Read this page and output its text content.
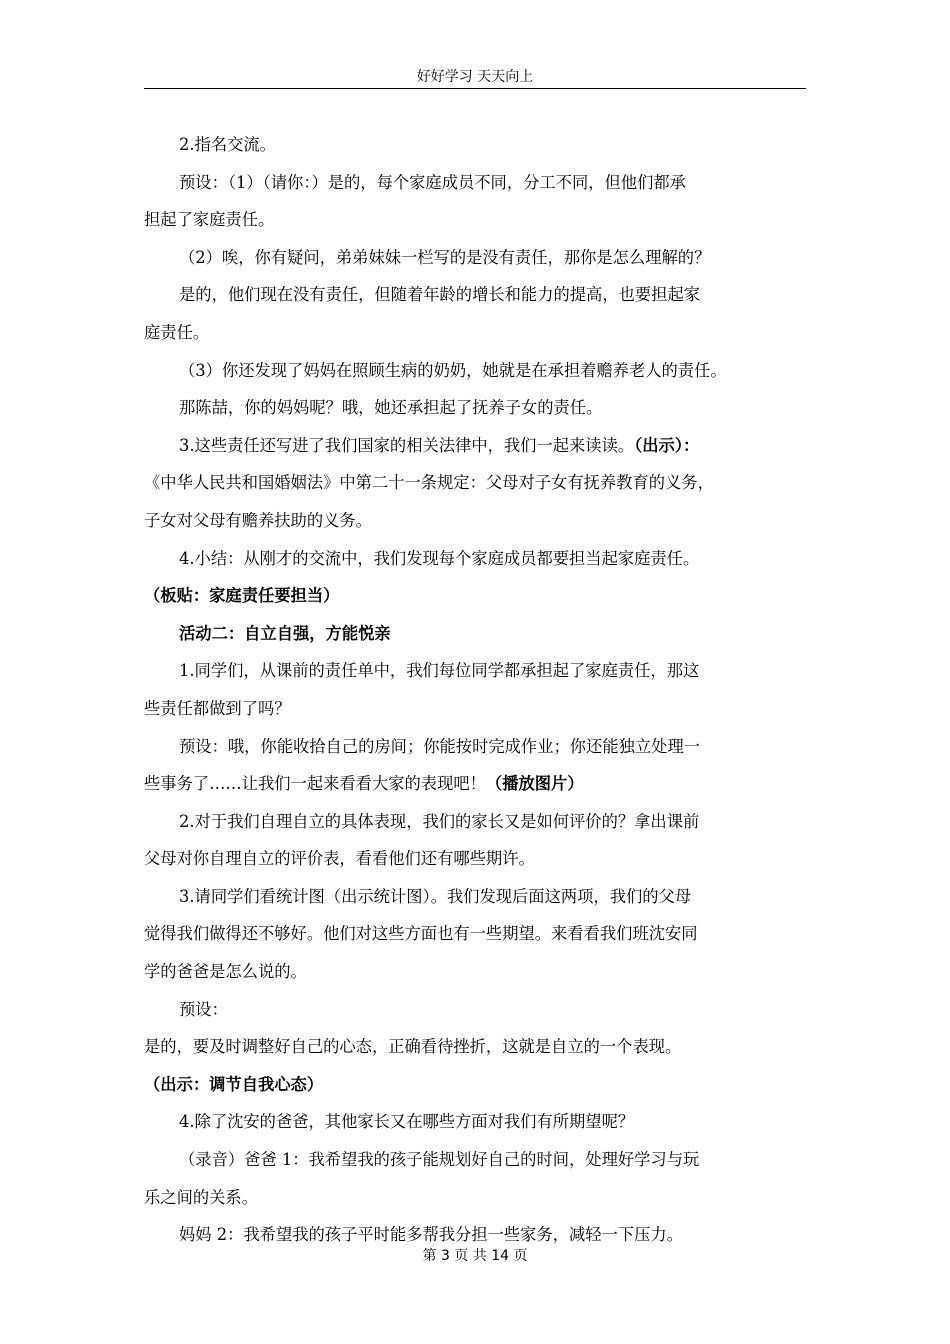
好好学习 天天向上
2.指名交流。
预设：（1）（请你：）是的，每个家庭成员不同，分工不同，但他们都承
担起了家庭责任。
（2）唉，你有疑问，弟弟妹妹一栏写的是没有责任，那你是怎么理解的？
是的，他们现在没有责任，但随着年龄的增长和能力的提高，也要担起家
庭责任。
（3）你还发现了妈妈在照顾生病的奶奶，她就是在承担着赡养老人的责任。
那陈喆，你的妈妈呢？哦，她还承担起了抚养子女的责任。
3.这些责任还写进了我们国家的相关法律中，我们一起来读读。（出示）：
《中华人民共和国婚姻法》中第二十一条规定：父母对子女有抚养教育的义务，
子女对父母有赡养扶助的义务。
4.小结：从刚才的交流中，我们发现每个家庭成员都要担当起家庭责任。
（板贴：家庭责任要担当）
活动二：自立自强，方能悦亲
1.同学们，从课前的责任单中，我们每位同学都承担起了家庭责任，那这
些责任都做到了吗？
预设：哦，你能收拾自己的房间；你能按时完成作业；你还能独立处理一
些事务了……让我们一起来看看大家的表现吧！（播放图片）
2.对于我们自理自立的具体表现，我们的家长又是如何评价的？拿出课前
父母对你自理自立的评价表，看看他们还有哪些期许。
3.请同学们看统计图（出示统计图）。我们发现后面这两项，我们的父母
觉得我们做得还不够好。他们对这些方面也有一些期望。来看看我们班沈安同
学的爸爸是怎么说的。
预设：
是的，要及时调整好自己的心态，正确看待挫折，这就是自立的一个表现。
（出示：调节自我心态）
4.除了沈安的爸爸，其他家长又在哪些方面对我们有所期望呢？
（录音）爸爸 1：我希望我的孩子能规划好自己的时间，处理好学习与玩
乐之间的关系。
妈妈 2：我希望我的孩子平时能多帮我分担一些家务，减轻一下压力。
第 3 页 共 14 页
